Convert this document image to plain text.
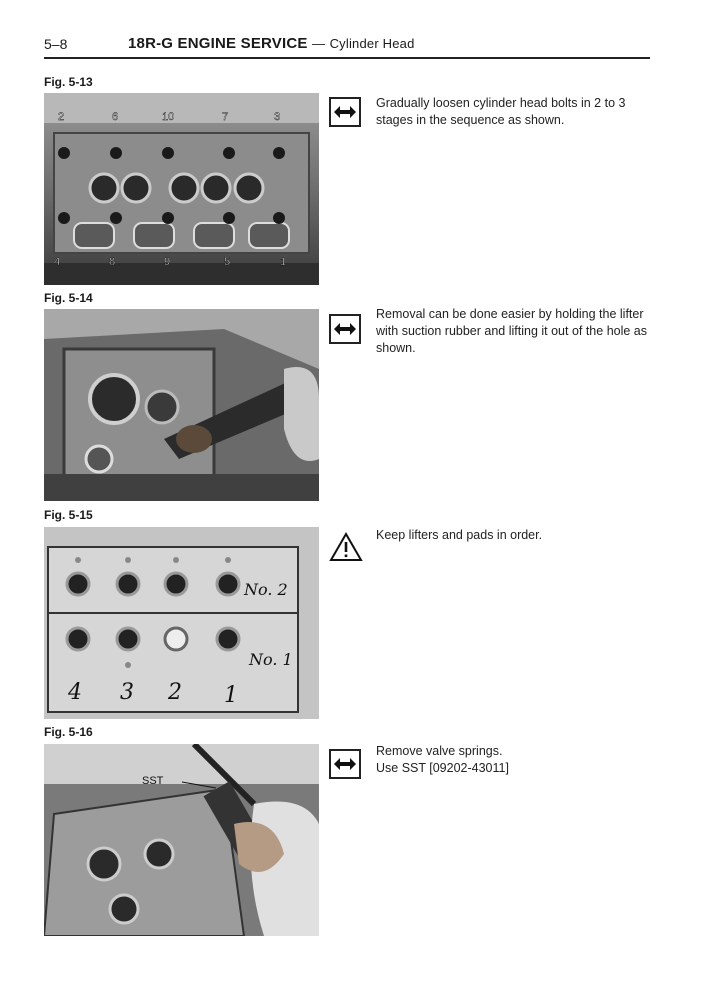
5–8	18R-G ENGINE SERVICE — Cylinder Head
Fig. 5-13
2	6	10	7	3
4	8	9	5	1
Gradually loosen cylinder head bolts in 2 to 3 stages in the sequence as shown.
Fig. 5-14
Removal can be done easier by holding the lifter with suction rubber and lifting it out of the hole as shown.
Fig. 5-15
No. 2
No. 1
4 3 2 1
Keep lifters and pads in order.
Fig. 5-16
SST
Remove valve springs.
Use SST [09202-43011]
